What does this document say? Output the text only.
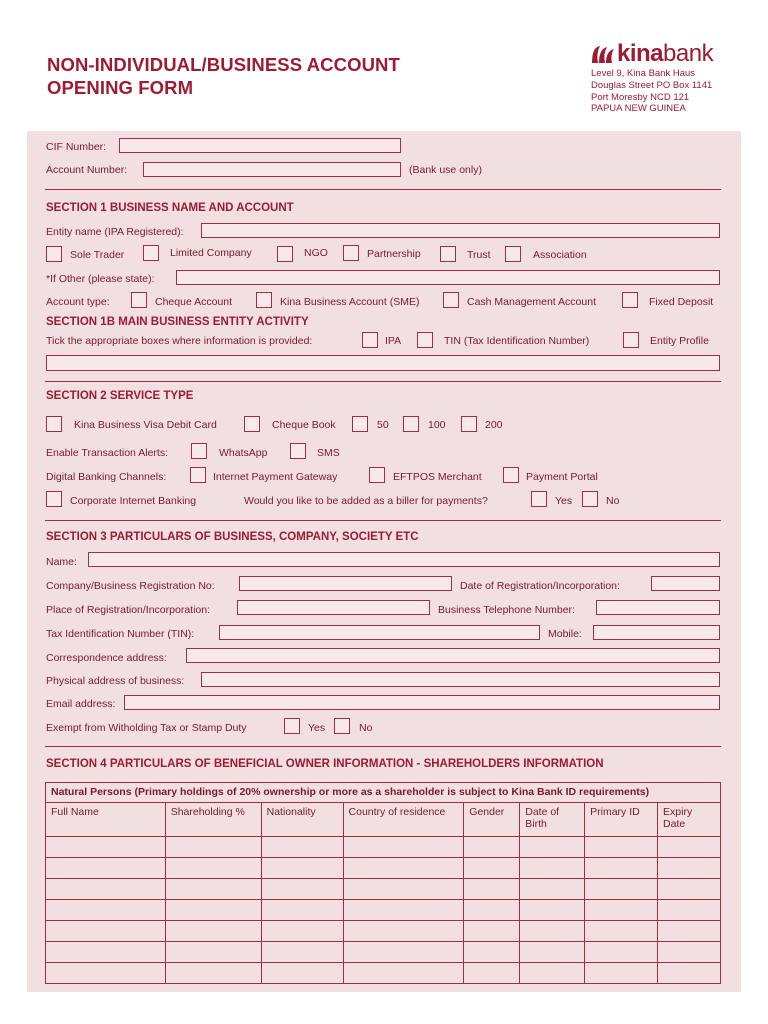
NON-INDIVIDUAL/BUSINESS ACCOUNT
OPENING FORM
kina bank
Level 9, Kina Bank Haus
Douglas Street PO Box 1141
Port Moresby NCD 121
PAPUA NEW GUINEA
CIF Number:
Account Number:	(Bank use only)
SECTION 1 BUSINESS NAME AND ACCOUNT
Entity name (IPA Registered):
Sole Trader	Limited Company	NGO	Partnership	Trust	Association
*If Other (please state):
Account type:	Cheque Account	Kina Business Account (SME)	Cash Management Account	Fixed Deposit
SECTION 1B MAIN BUSINESS ENTITY ACTIVITY
Tick the appropriate boxes where information is provided:	IPA	TIN (Tax Identification Number)	Entity Profile
SECTION 2 SERVICE TYPE
Kina Business Visa Debit Card	Cheque Book	50	100	200
Enable Transaction Alerts:	WhatsApp	SMS
Digital Banking Channels:	Internet Payment Gateway	EFTPOS Merchant	Payment Portal
Corporate Internet Banking	Would you like to be added as a biller for payments?	Yes	No
SECTION 3 PARTICULARS OF BUSINESS, COMPANY, SOCIETY ETC
Name:
Company/Business Registration No:	Date of Registration/Incorporation:
Place of Registration/Incorporation:	Business Telephone Number:
Tax Identification Number (TIN):	Mobile:
Correspondence address:
Physical address of business:
Email address:
Exempt from Witholding Tax or Stamp Duty	Yes	No
SECTION 4 PARTICULARS OF BENEFICIAL OWNER INFORMATION - SHAREHOLDERS INFORMATION
Natural Persons (Primary holdings of 20% ownership or more as a shareholder is subject to Kina Bank ID requirements)							
Full Name	Shareholding %	Nationality	Country of residence	Gender	Date of Birth	Primary ID	Expiry Date
